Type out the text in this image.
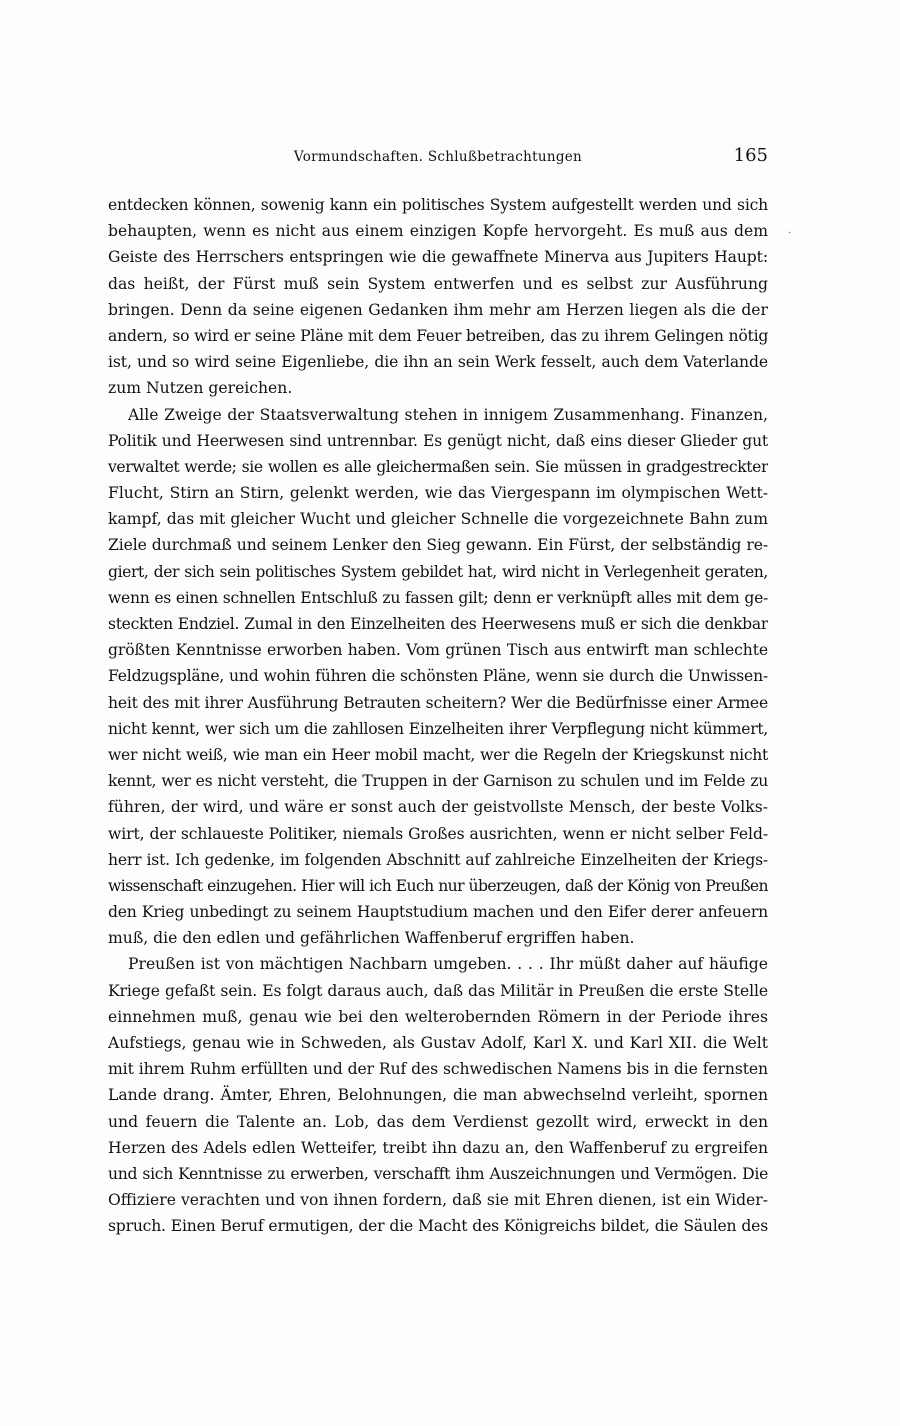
Vormundschaften. Schlußbetrachtungen	165
·
entdecken können, sowenig kann ein politisches System aufgestellt werden und sich
behaupten, wenn es nicht aus einem einzigen Kopfe hervorgeht. Es muß aus dem
Geiste des Herrschers entspringen wie die gewaffnete Minerva aus Jupiters Haupt:
das heißt, der Fürst muß sein System entwerfen und es selbst zur Ausführung
bringen. Denn da seine eigenen Gedanken ihm mehr am Herzen liegen als die der
andern, so wird er seine Pläne mit dem Feuer betreiben, das zu ihrem Gelingen nötig
ist, und so wird seine Eigenliebe, die ihn an sein Werk fesselt, auch dem Vaterlande
zum Nutzen gereichen.
Alle Zweige der Staatsverwaltung stehen in innigem Zusammenhang. Finanzen,
Politik und Heerwesen sind untrennbar. Es genügt nicht, daß eins dieser Glieder gut
verwaltet werde; sie wollen es alle gleichermaßen sein. Sie müssen in gradgestreckter
Flucht, Stirn an Stirn, gelenkt werden, wie das Viergespann im olympischen Wett-
kampf, das mit gleicher Wucht und gleicher Schnelle die vorgezeichnete Bahn zum
Ziele durchmaß und seinem Lenker den Sieg gewann. Ein Fürst, der selbständig re-
giert, der sich sein politisches System gebildet hat, wird nicht in Verlegenheit geraten,
wenn es einen schnellen Entschluß zu fassen gilt; denn er verknüpft alles mit dem ge-
steckten Endziel. Zumal in den Einzelheiten des Heerwesens muß er sich die denkbar
größten Kenntnisse erworben haben. Vom grünen Tisch aus entwirft man schlechte
Feldzugspläne, und wohin führen die schönsten Pläne, wenn sie durch die Unwissen-
heit des mit ihrer Ausführung Betrauten scheitern? Wer die Bedürfnisse einer Armee
nicht kennt, wer sich um die zahllosen Einzelheiten ihrer Verpflegung nicht kümmert,
wer nicht weiß, wie man ein Heer mobil macht, wer die Regeln der Kriegskunst nicht
kennt, wer es nicht versteht, die Truppen in der Garnison zu schulen und im Felde zu
führen, der wird, und wäre er sonst auch der geistvollste Mensch, der beste Volks-
wirt, der schlaueste Politiker, niemals Großes ausrichten, wenn er nicht selber Feld-
herr ist. Ich gedenke, im folgenden Abschnitt auf zahlreiche Einzelheiten der Kriegs-
wissenschaft einzugehen. Hier will ich Euch nur überzeugen, daß der König von Preußen
den Krieg unbedingt zu seinem Hauptstudium machen und den Eifer derer anfeuern
muß, die den edlen und gefährlichen Waffenberuf ergriffen haben.
Preußen ist von mächtigen Nachbarn umgeben. . . . Ihr müßt daher auf häufige
Kriege gefaßt sein. Es folgt daraus auch, daß das Militär in Preußen die erste Stelle
einnehmen muß, genau wie bei den welterobernden Römern in der Periode ihres
Aufstiegs, genau wie in Schweden, als Gustav Adolf, Karl X. und Karl XII. die Welt
mit ihrem Ruhm erfüllten und der Ruf des schwedischen Namens bis in die fernsten
Lande drang. Ämter, Ehren, Belohnungen, die man abwechselnd verleiht, spornen
und feuern die Talente an. Lob, das dem Verdienst gezollt wird, erweckt in den
Herzen des Adels edlen Wetteifer, treibt ihn dazu an, den Waffenberuf zu ergreifen
und sich Kenntnisse zu erwerben, verschafft ihm Auszeichnungen und Vermögen. Die
Offiziere verachten und von ihnen fordern, daß sie mit Ehren dienen, ist ein Wider-
spruch. Einen Beruf ermutigen, der die Macht des Königreichs bildet, die Säulen des
